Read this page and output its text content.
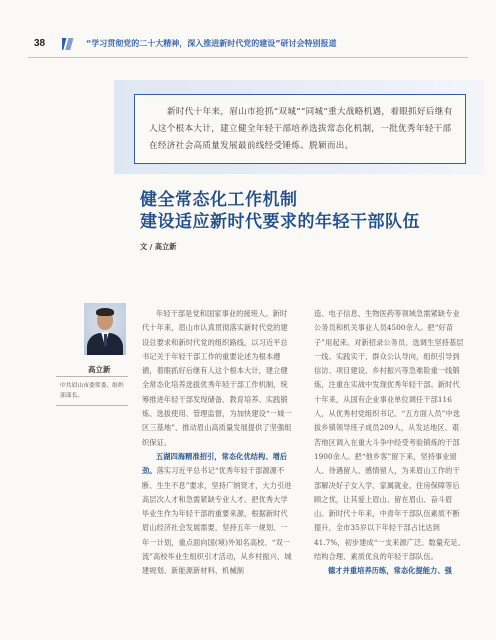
38	“学习贯彻党的二十大精神，深入推进新时代党的建设”研讨会特别报道
新时代十年来，眉山市抢抓“双城”“同城”重大战略机遇，着眼抓好后继有人这个根本大计，建立健全年轻干部培养选拔常态化机制，一批优秀年轻干部在经济社会高质量发展最前线经受锤炼、脱颖而出。
健全常态化工作机制
建设适应新时代要求的年轻干部队伍
文 / 高立新
高立新
中共眉山市委常委、组织部部长。

年轻干部是党和国家事业的接班人。新时代十年来，眉山市认真贯彻落实新时代党的建设总要求和新时代党的组织路线，以习近平总书记关于年轻干部工作的重要论述为根本遵循，着眼抓好后继有人这个根本大计，建立健全常态化培养选拔优秀年轻干部工作机制，统筹推进年轻干部发现储备、教育培养、实践锻炼、选拔使用、管理监督，为加快建设“一城一区三基地”、推动眉山高质量发展提供了坚强组织保证。

五湖四海精准招引，常态化优结构、增后劲。落实习近平总书记“优秀年轻干部源源不断、生生不息”要求，坚持广纳贤才，大力引进高层次人才和急需紧缺专业人才。把优秀大学毕业生作为年轻干部的重要来源，根据新时代眉山经济社会发展需要，坚持五年一规划、一年一计划，重点面向国(境)外知名高校、“双一流”高校毕业生组织引才活动，从乡村振兴、城建规划、新能源新材料、机械制

造、电子信息、生物医药等领域急需紧缺专业公务员和机关事业人员4500余人。把“好苗子”用起来。对新招录公务员、选调生坚持基层一线、实践实干、群众公认导向，组织引导到信访、项目建设、乡村振兴等急难险重一线锻炼，注重在实战中发现优秀年轻干部。新时代十年来，从国有企业事业单位调任干部116人，从优秀村党组织书记、“五方面人员”中选拔乡镇领导班子成员209人，从发达地区、艰苦地区调入在重大斗争中经受考验锻炼的干部1900余人。把“他乡客”留下来，坚持事业留人、待遇留人、感情留人，为来眉山工作的干部解决好子女入学、家属就业、住房保障等后顾之忧，让其爱上眉山、留在眉山、奋斗眉山。新时代十年来，中青年干部队伍素质不断提升，全市35岁以下年轻干部占比达到41.7%，初步建成“一支来源广泛、数量充足、结构合理、素质优良的年轻干部队伍。

德才并重培养历练，常态化提能力、强
